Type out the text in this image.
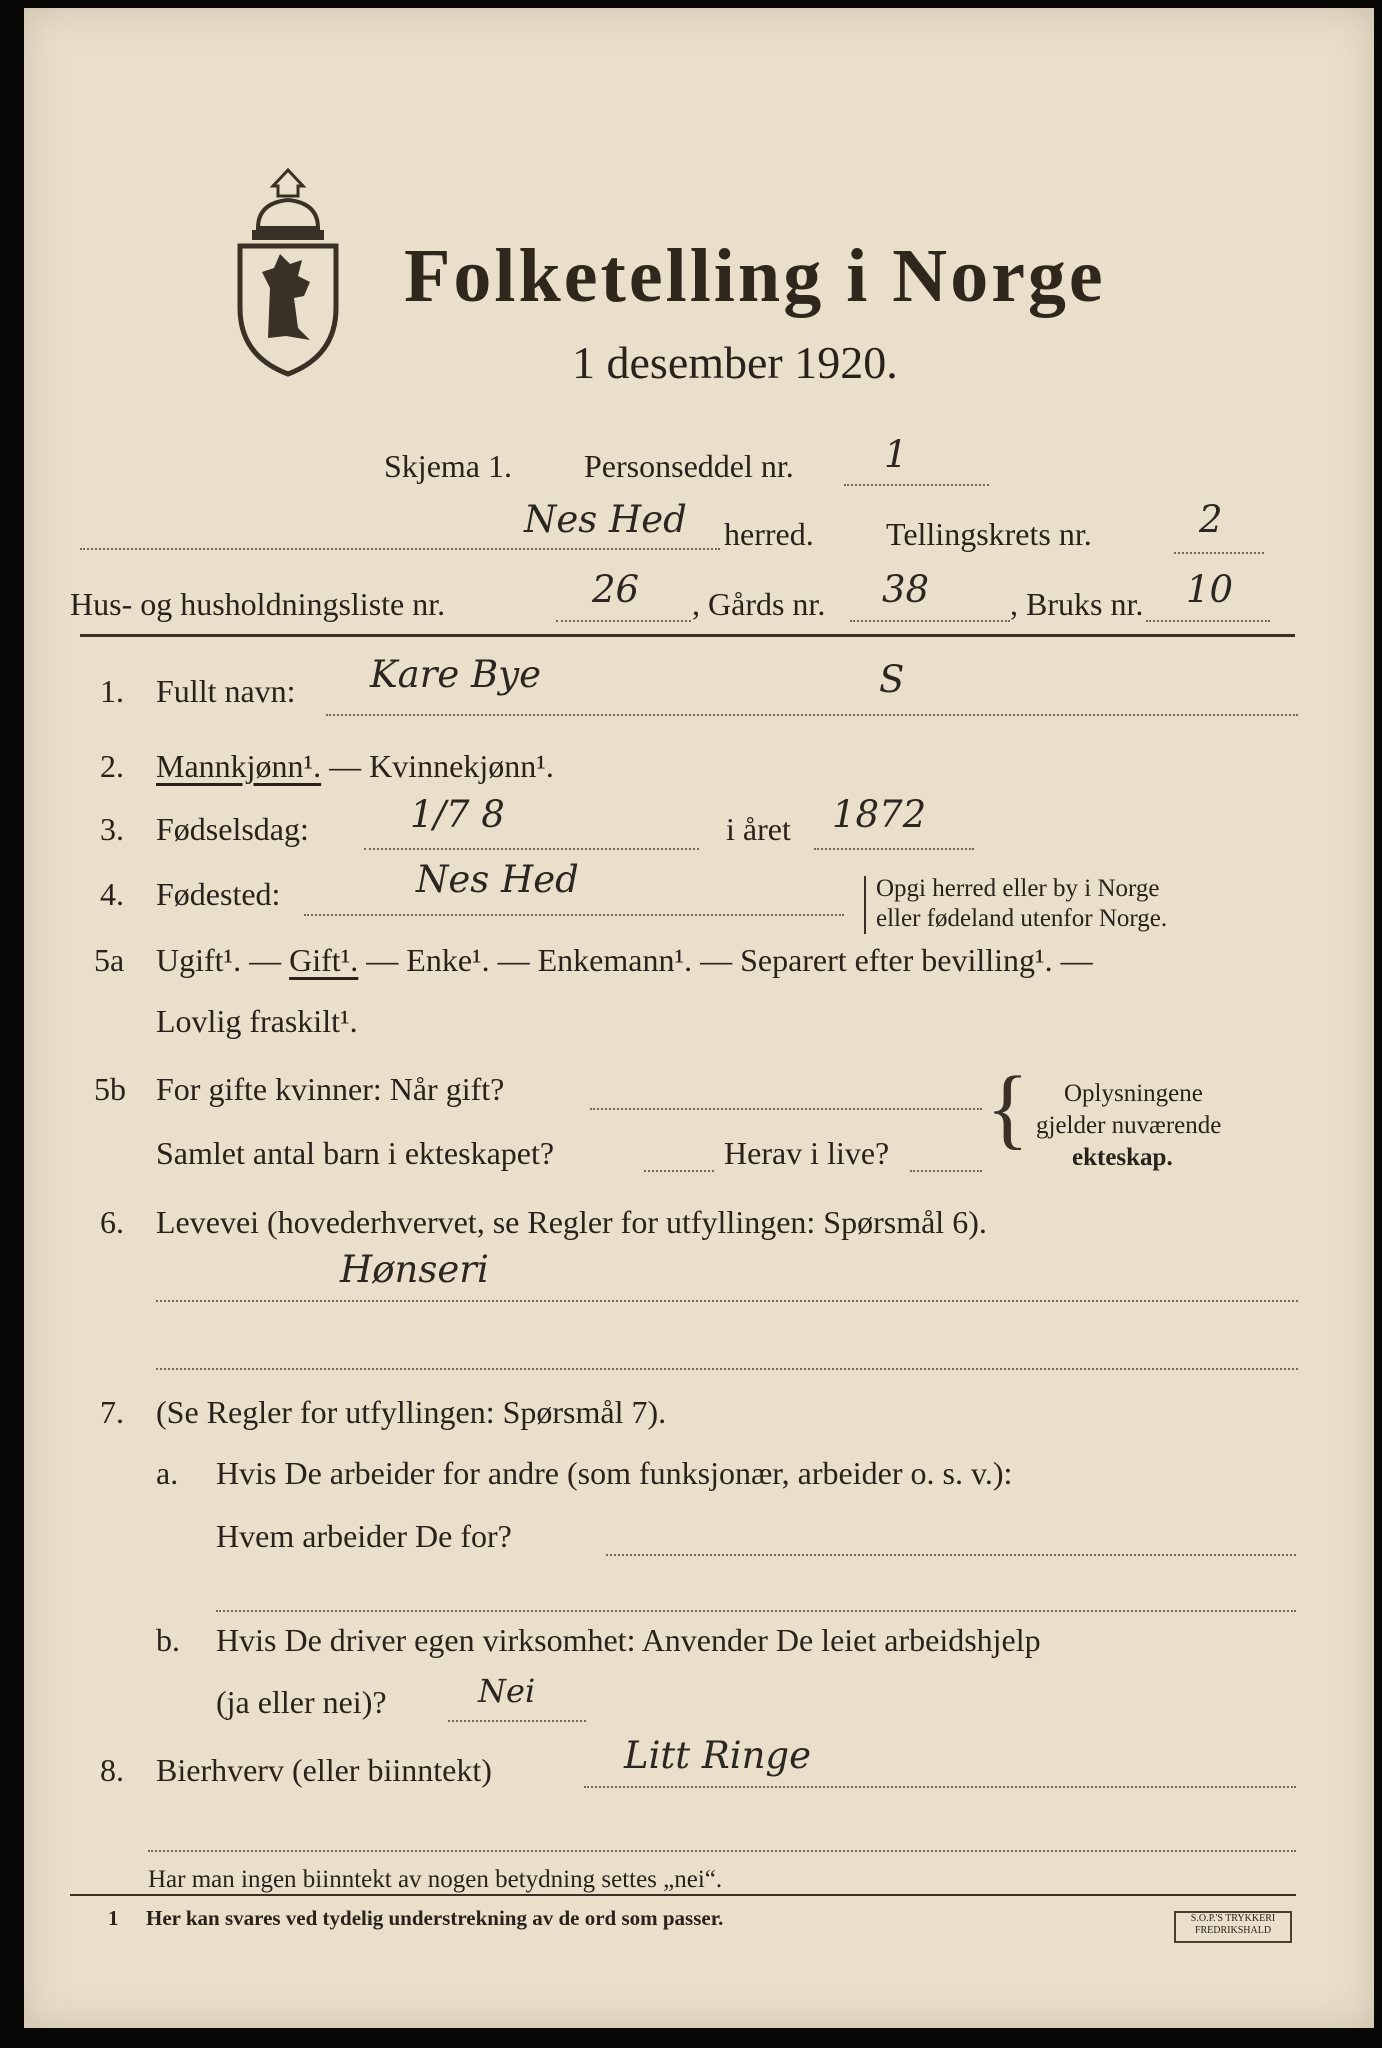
Folketelling i Norge
1 desember 1920.
Skjema 1. Personseddel nr. 1
Nes Hed herred. Tellingskrets nr.	2
Hus- og husholdningsliste nr.	26 , Gårds nr. 38	, Bruks nr. 10
1. Fullt navn: Kare Bye	S
2. Mannkjønn¹. — Kvinnekjønn¹.
3. Fødselsdag:	1/7 8	i året 1872
4. Fødested:	Nes Hed	Opgi herred eller by i Norge
eller fødeland utenfor Norge.
5a Ugift¹. — Gift¹. — Enke¹. — Enkemann¹. — Separert efter bevilling¹. —
Lovlig fraskilt¹.
5b For gifte kvinner: Når gift?
Samlet antal barn i ekteskapet?	Herav i live? { Oplysningene
gjelder nuværende
ekteskap.
6. Levevei (hovederhvervet, se Regler for utfyllingen: Spørsmål 6).
Hønseri
7. (Se Regler for utfyllingen: Spørsmål 7).
a. Hvis De arbeider for andre (som funksjonær, arbeider o. s. v.):
Hvem arbeider De for?
b. Hvis De driver egen virksomhet: Anvender De leiet arbeidshjelp
(ja eller nei)?	Nei
8. Bierhverv (eller biinntekt)	Litt Ringe
Har man ingen biinntekt av nogen betydning settes „nei“.
1 Her kan svares ved tydelig understrekning av de ord som passer.	S.O.P.'S TRYKKERI
FREDRIKSHALD
